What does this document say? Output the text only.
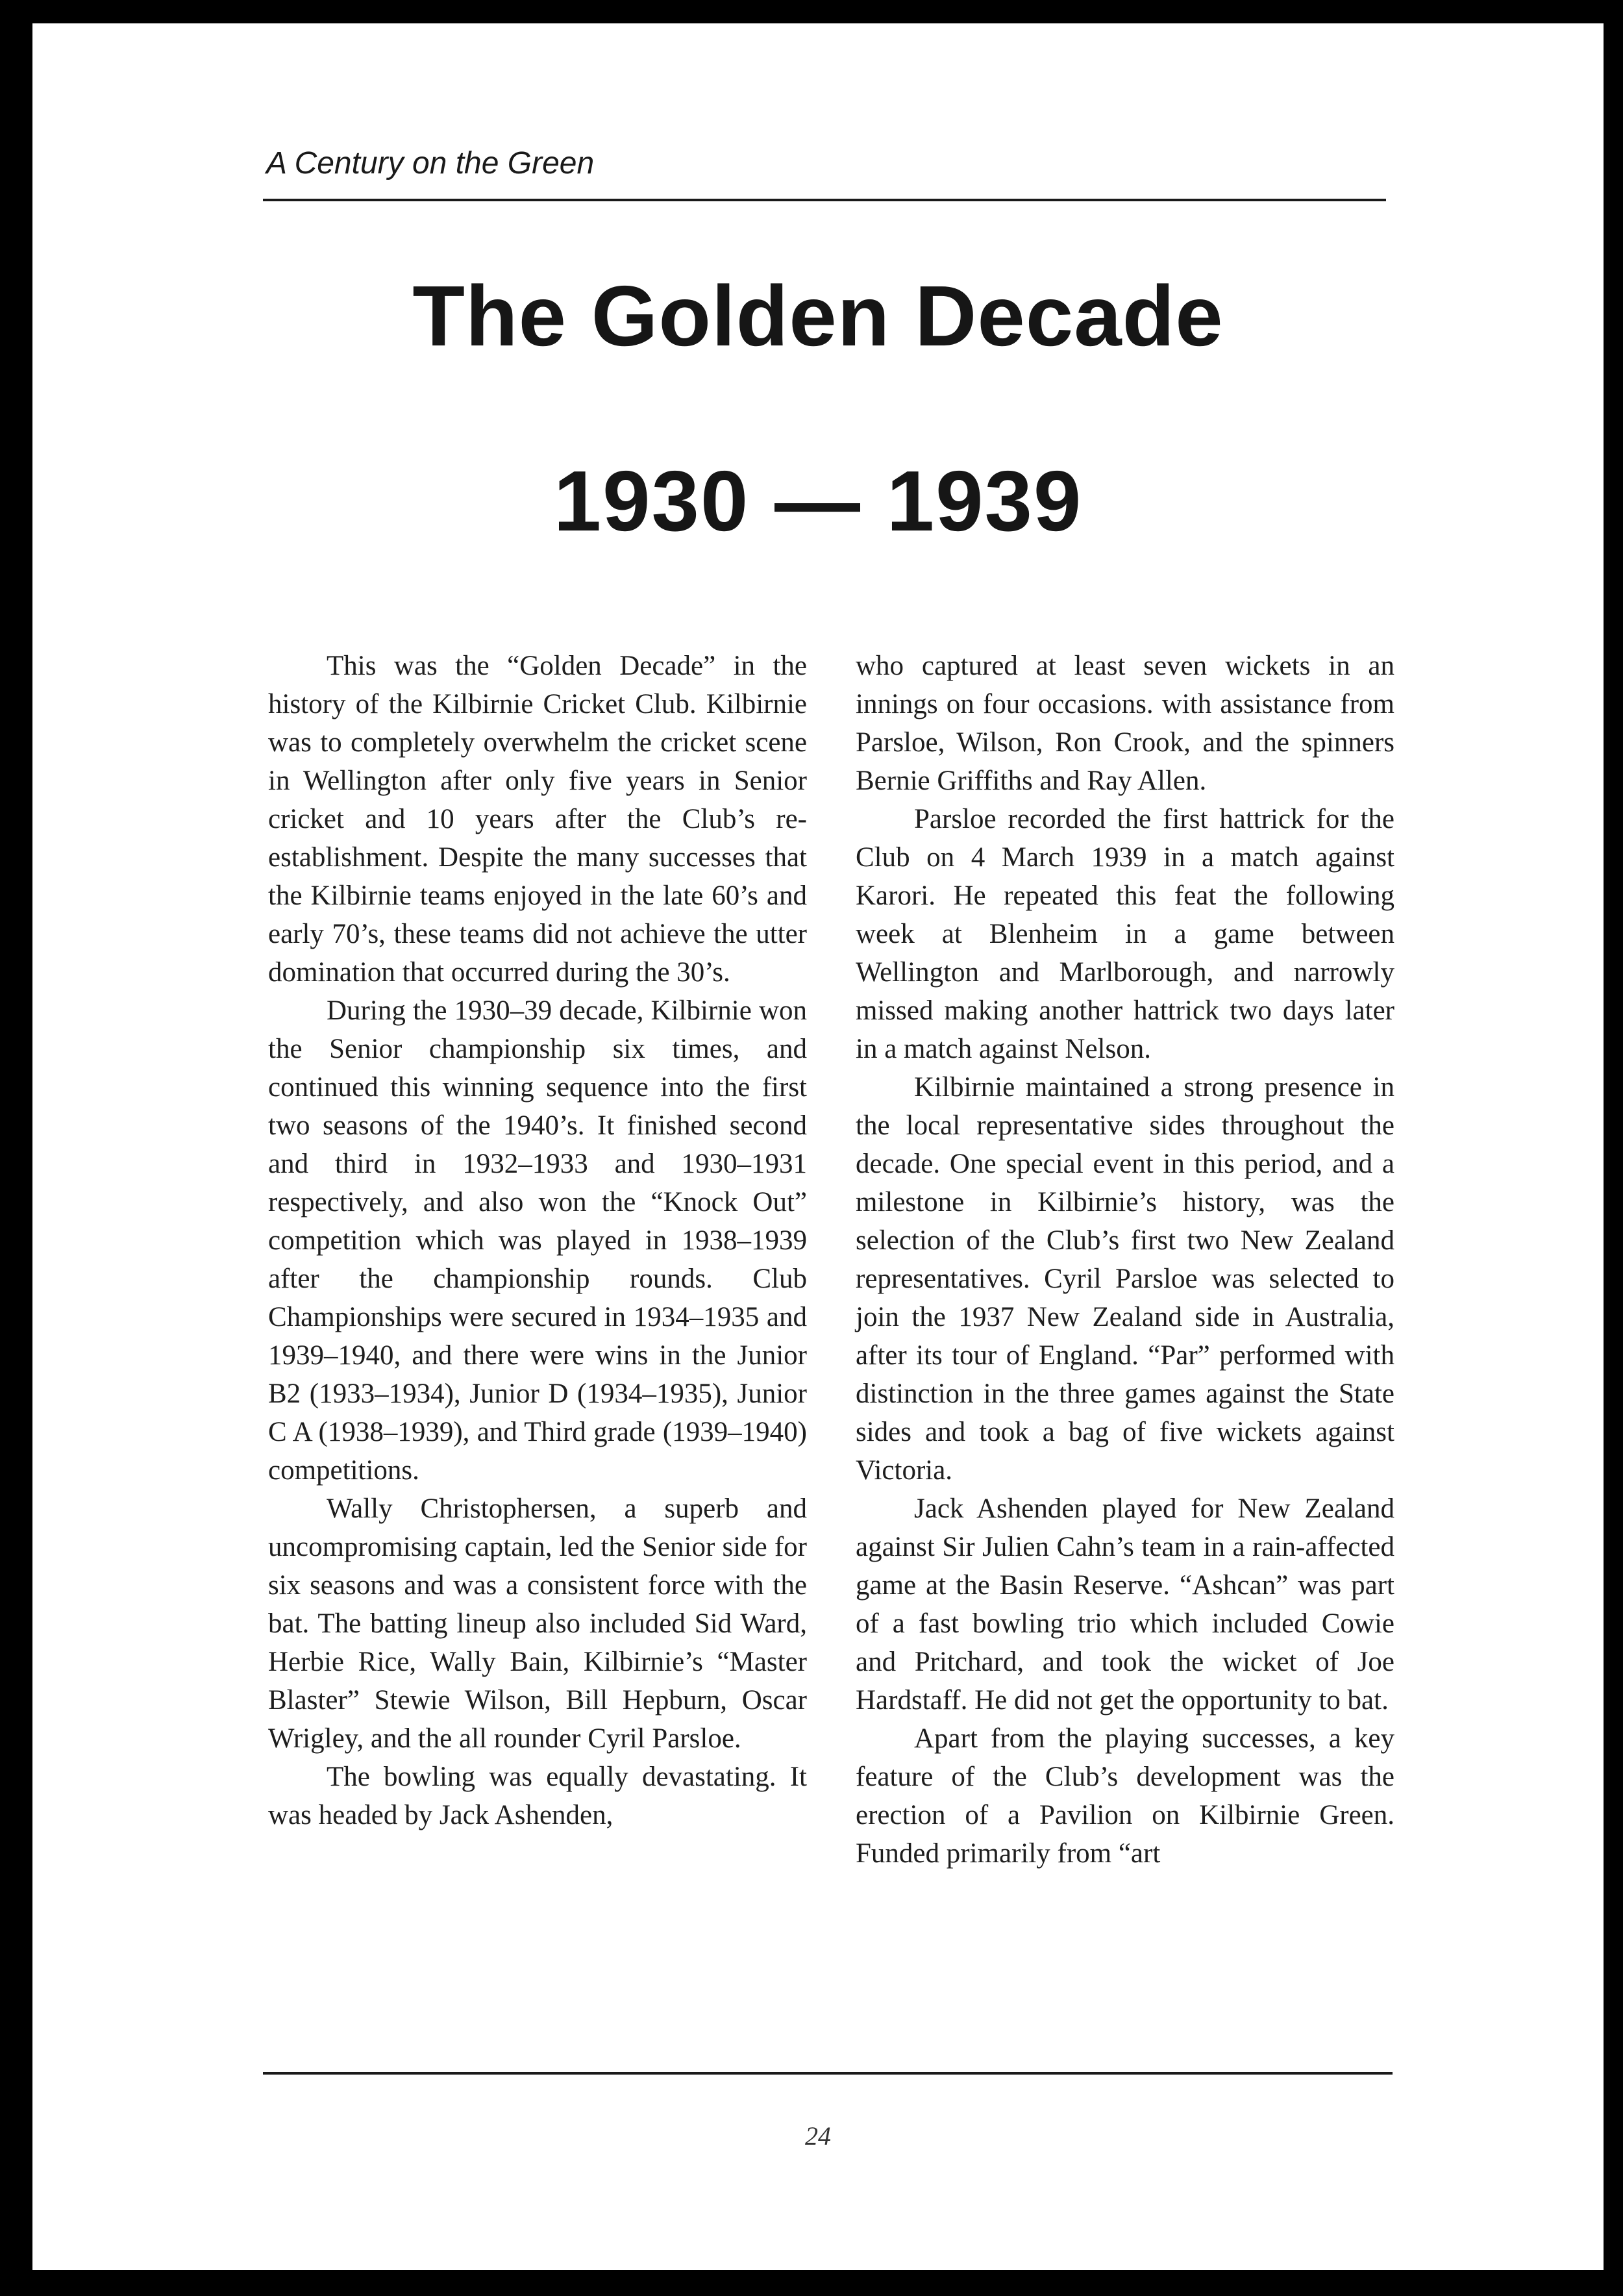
A Century on the Green
The Golden Decade
1930 — 1939

This was the “Golden Decade” in the history of the Kilbirnie Cricket Club. Kilbirnie was to completely overwhelm the cricket scene in Wellington after only five years in Senior cricket and 10 years after the Club’s re-establishment. Despite the many successes that the Kilbirnie teams enjoyed in the late 60’s and early 70’s, these teams did not achieve the utter domination that occurred during the 30’s.

During the 1930–39 decade, Kilbirnie won the Senior championship six times, and continued this winning sequence into the first two seasons of the 1940’s. It finished second and third in 1932–1933 and 1930–1931 respectively, and also won the “Knock Out” competition which was played in 1938–1939 after the championship rounds. Club Championships were secured in 1934–1935 and 1939–1940, and there were wins in the Junior B2 (1933–1934), Junior D (1934–1935), Junior C A (1938–1939), and Third grade (1939–1940) competitions.

Wally Christophersen, a superb and uncompromising captain, led the Senior side for six seasons and was a consistent force with the bat. The batting lineup also included Sid Ward, Herbie Rice, Wally Bain, Kilbirnie’s “Master Blaster” Stewie Wilson, Bill Hepburn, Oscar Wrigley, and the all rounder Cyril Parsloe.

The bowling was equally devastating. It was headed by Jack Ashenden,

who captured at least seven wickets in an innings on four occasions. with assistance from Parsloe, Wilson, Ron Crook, and the spinners Bernie Griffiths and Ray Allen.

Parsloe recorded the first hattrick for the Club on 4 March 1939 in a match against Karori. He repeated this feat the following week at Blenheim in a game between Wellington and Marlborough, and narrowly missed making another hattrick two days later in a match against Nelson.

Kilbirnie maintained a strong presence in the local representative sides throughout the decade. One special event in this period, and a milestone in Kilbirnie’s history, was the selection of the Club’s first two New Zealand representatives. Cyril Parsloe was selected to join the 1937 New Zealand side in Australia, after its tour of England. “Par” performed with distinction in the three games against the State sides and took a bag of five wickets against Victoria.

Jack Ashenden played for New Zealand against Sir Julien Cahn’s team in a rain-affected game at the Basin Reserve. “Ashcan” was part of a fast bowling trio which included Cowie and Pritchard, and took the wicket of Joe Hardstaff. He did not get the opportunity to bat.

Apart from the playing successes, a key feature of the Club’s development was the erection of a Pavilion on Kilbirnie Green. Funded primarily from “art

24
